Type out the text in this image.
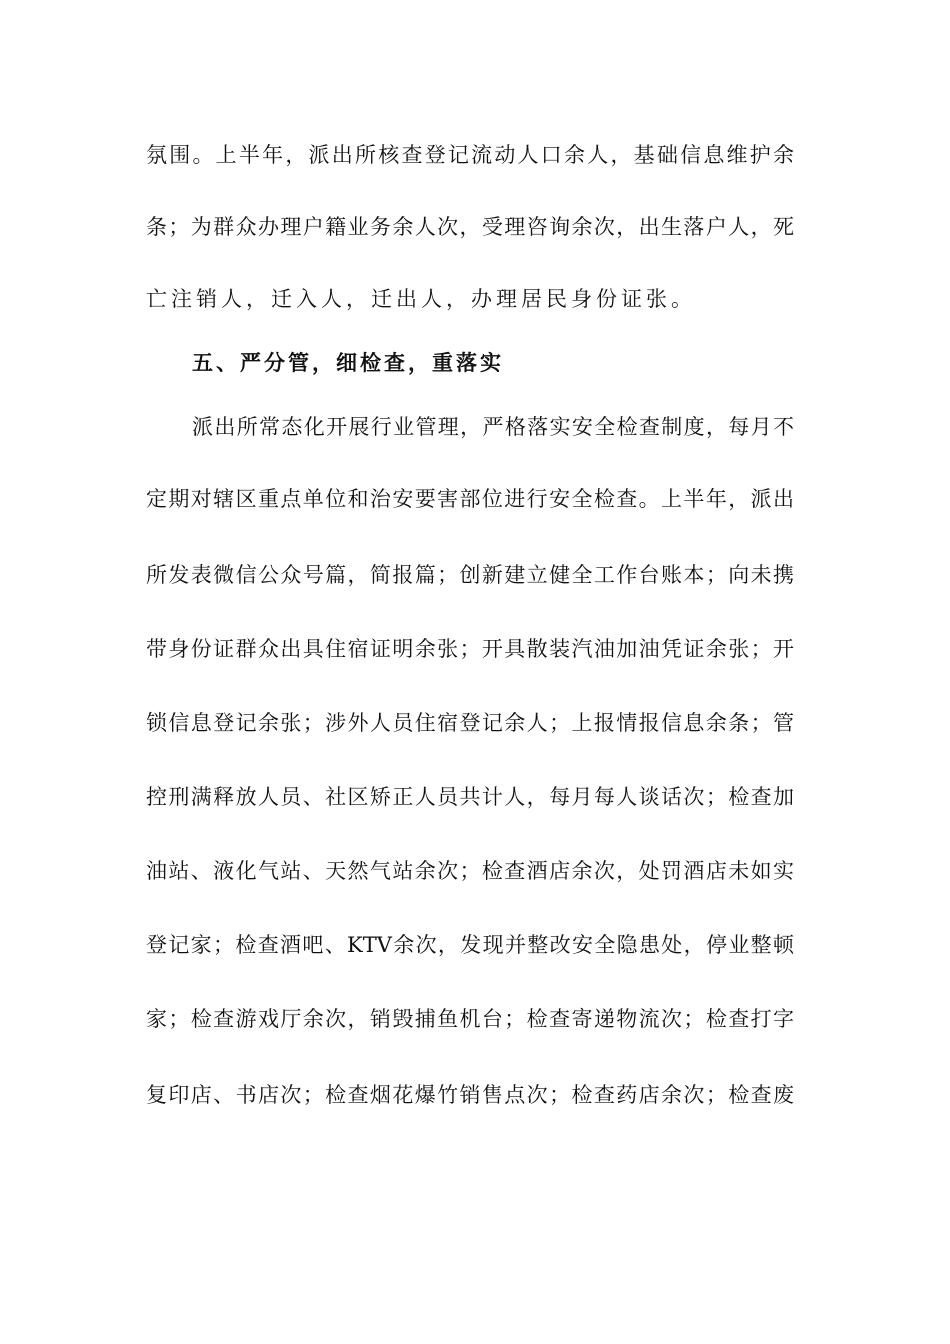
氛围。上半年，派出所核查登记流动人口余人，基础信息维护余
条；为群众办理户籍业务余人次，受理咨询余次，出生落户人，死
亡注销人，迁入人，迁出人，办理居民身份证张。
五、严分管，细检查，重落实
派出所常态化开展行业管理，严格落实安全检查制度，每月不
定期对辖区重点单位和治安要害部位进行安全检查。上半年，派出
所发表微信公众号篇，简报篇；创新建立健全工作台账本；向未携
带身份证群众出具住宿证明余张；开具散装汽油加油凭证余张；开
锁信息登记余张；涉外人员住宿登记余人；上报情报信息余条；管
控刑满释放人员、社区矫正人员共计人，每月每人谈话次；检查加
油站、液化气站、天然气站余次；检查酒店余次，处罚酒店未如实
登记家；检查酒吧、KTV余次，发现并整改安全隐患处，停业整顿
家；检查游戏厅余次，销毁捕鱼机台；检查寄递物流次；检查打字
复印店、书店次；检查烟花爆竹销售点次；检查药店余次；检查废
